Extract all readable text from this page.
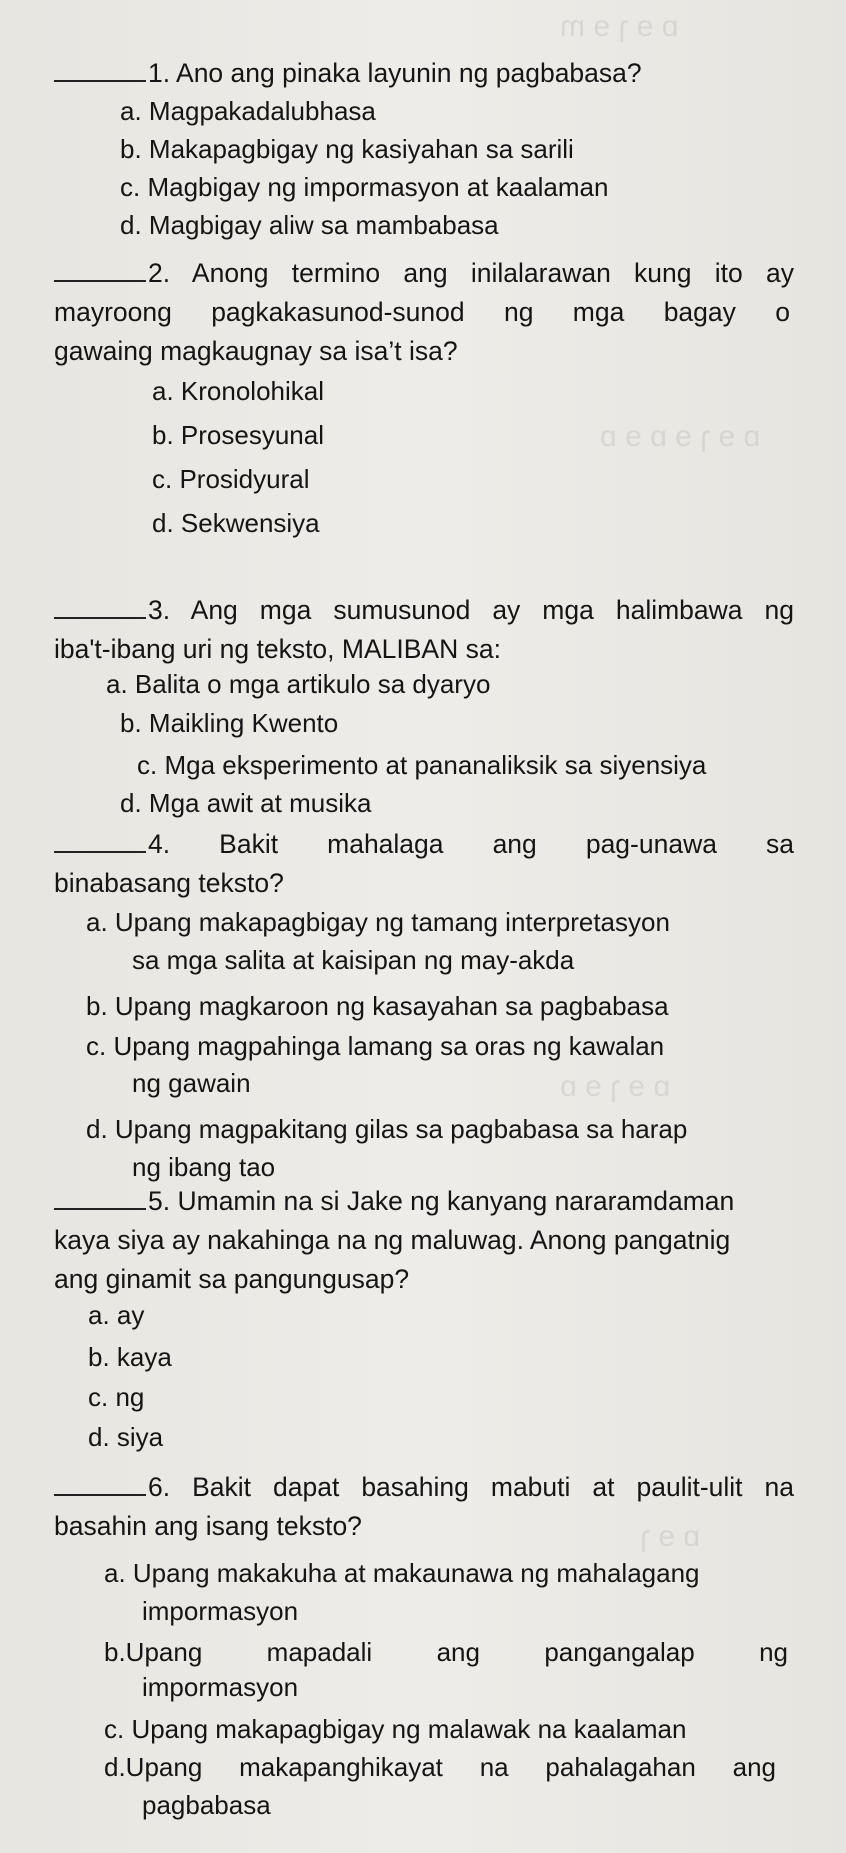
ɒ ɘ ɿ ɘ m
ɒ ɘ ɿ ɘ ɒ ɘ ɒ
ɒ ɘ ɿ ɘ ɒ
ɒ ɘ ɿ
1. Ano ang pinaka layunin ng pagbabasa?
a. Magpakadalubhasa
b. Makapagbigay ng kasiyahan sa sarili
c. Magbigay ng impormasyon at kaalaman
d. Magbigay aliw sa mambabasa
2. Anong termino ang inilalarawan kung ito ay
mayroong pagkakasunod-sunod ng mga bagay o
gawaing magkaugnay sa isa’t isa?
a. Kronolohikal
b. Prosesyunal
c. Prosidyural
d. Sekwensiya
3. Ang mga sumusunod ay mga halimbawa ng
iba't-ibang uri ng teksto, MALIBAN sa:
a. Balita o mga artikulo sa dyaryo
b. Maikling Kwento
c. Mga eksperimento at pananaliksik sa siyensiya
d. Mga awit at musika
4. Bakit mahalaga ang pag-unawa sa
binabasang teksto?
a. Upang makapagbigay ng tamang interpretasyon
sa mga salita at kaisipan ng may-akda
b. Upang magkaroon ng kasayahan sa pagbabasa
c. Upang magpahinga lamang sa oras ng kawalan
ng gawain
d. Upang magpakitang gilas sa pagbabasa sa harap
ng ibang tao
5. Umamin na si Jake ng kanyang nararamdaman
kaya siya ay nakahinga na ng maluwag. Anong pangatnig
ang ginamit sa pangungusap?
a. ay
b. kaya
c. ng
d. siya
6. Bakit dapat basahing mabuti at paulit-ulit na
basahin ang isang teksto?
a. Upang makakuha at makaunawa ng mahalagang
impormasyon
b.Upang mapadali ang pangangalap ng
impormasyon
c. Upang makapagbigay ng malawak na kaalaman
d.Upang makapanghikayat na pahalagahan ang
pagbabasa
